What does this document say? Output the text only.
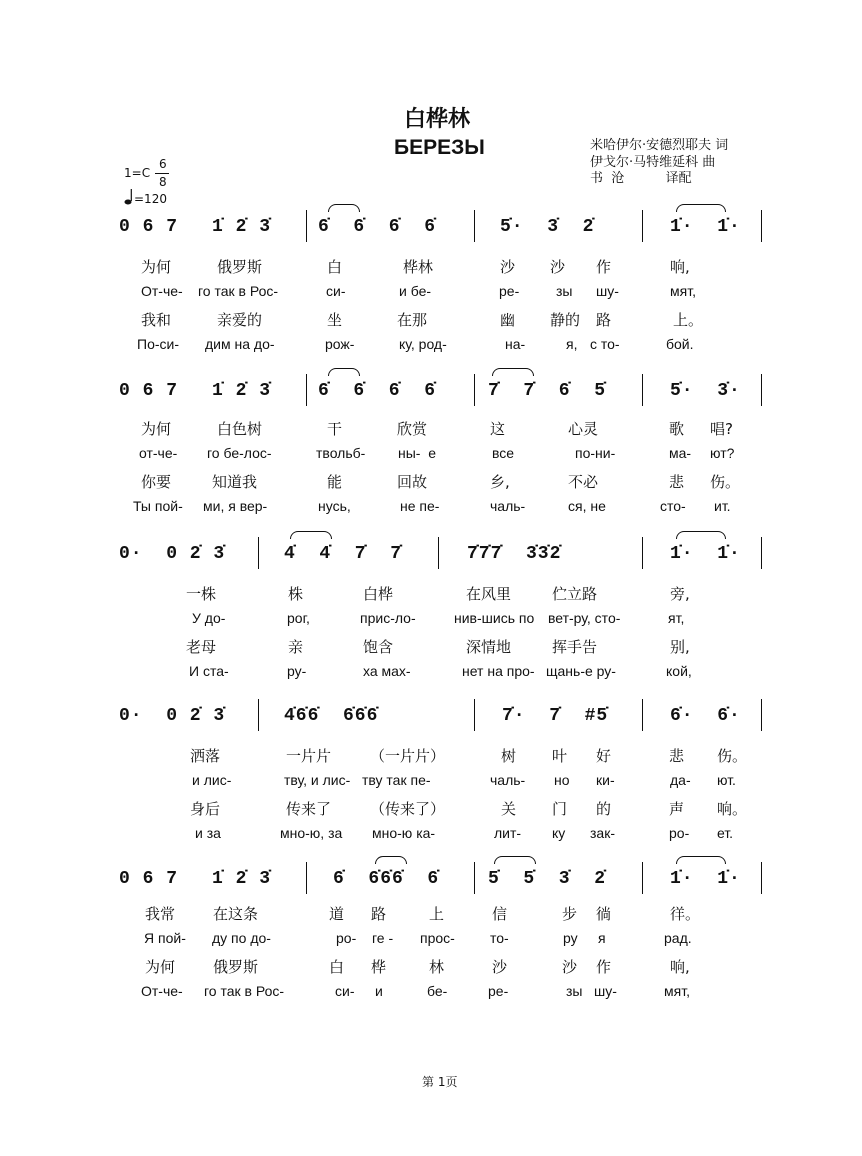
白桦林
БЕРЕЗЫ	米哈伊尔·安德烈耶夫 词
伊戈尔·马特维延科 曲
书  沧          译配
1=C
6
8
=120
0 6 7 1̇ 2̇ 3̇	6̇  6̇  6̇  6̇	5̇·  3̇  2̇	1̇·  1̇·
为何	俄罗斯	白	桦林	沙 沙 作	响,
От-че- го так в Рос-	си-	и бе-	ре-	зы шу-	мят,
我和	亲爱的	坐	在那	幽 静的 路	上。
По-си- дим на до-	рож-	ку, род-	на-	я, с то-	бой.
0 6 7 1̇ 2̇ 3̇	6̇  6̇  6̇  6̇	7̇  7̇  6̇  5̇	5̇·  3̇·
为何	白色树	干	欣赏	这	心灵	歌 唱?
от-че- го бе-лос-	твольб- ны-  е	все	по-ни-	ма- ют?
你要	知道我	能	回故	乡,	不必	悲 伤。
Ты пой- ми, я вер-	нусь,	не пе-	чаль-	ся, не	сто- ит.
0·  0 2̇ 3̇	4̇  4̇  7̇  7̇	7̇7̇7̇  3̇3̇2̇	1̇·  1̇·
一株	株	白桦	在风里	伫立路	旁,
У до-	рог,	прис-ло-	нив-шись по вет-ру, сто-	ят,
老母	亲	饱含	深情地	挥手告	别,
И ста-	ру-	ха мах-	нет на про- щань-е ру-	кой,
0·  0 2̇ 3̇	4̇6̇6̇  6̇6̇6̇	7̇·  7̇  #5̇	6̇·  6̇·
洒落	一片片	（一片片）	树 叶 好	悲 伤。
и лис-	тву, и лис- тву так пе-	чаль- но ки-	да- ют.
身后	传来了	（传来了）	关 门 的	声 响。
и за	мно-ю, за мно-ю ка-	лит- ку зак-	ро- ет.
0 6 7 1̇ 2̇ 3̇	6̇  6̇6̇6̇  6̇	5̇  5̇  3̇  2̇	1̇·  1̇·
我常	在这条	道 路	上	信	步 徜	徉。
Я пой- ду по до-	ро- ге - прос-	то-	ру я	рад.
为何	俄罗斯	白 桦	林	沙	沙 作	响,
От-че- го так в Рос-	си- и	бе-	ре-	зы шу-	мят,
第 1页
